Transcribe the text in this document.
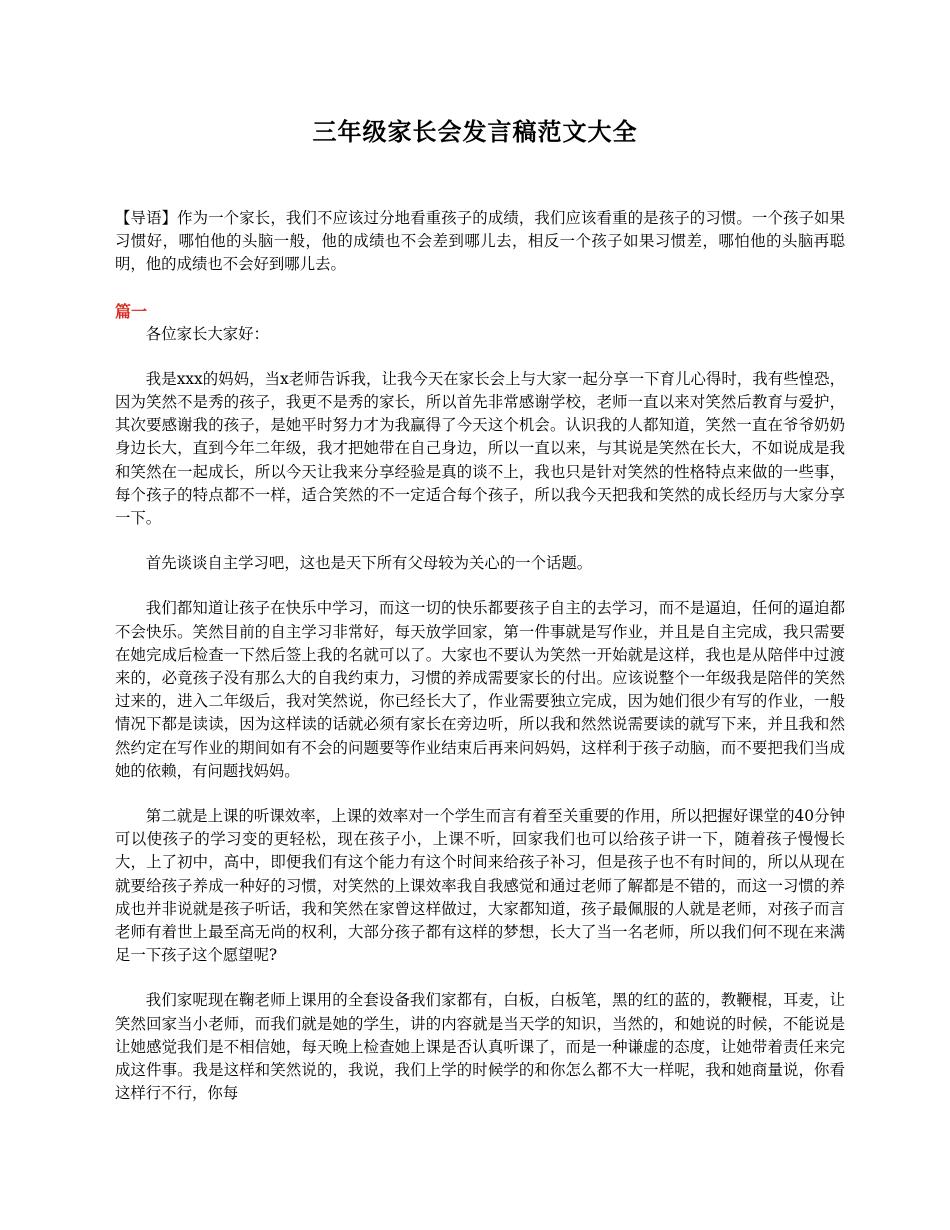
三年级家长会发言稿范文大全

【导语】作为一个家长，我们不应该过分地看重孩子的成绩，我们应该看重的是孩子的习惯。一个孩子如果习惯好，哪怕他的头脑一般，他的成绩也不会差到哪儿去，相反一个孩子如果习惯差，哪怕他的头脑再聪明，他的成绩也不会好到哪儿去。

篇一

各位家长大家好：

我是xxx的妈妈，当x老师告诉我，让我今天在家长会上与大家一起分享一下育儿心得时，我有些惶恐，因为笑然不是秀的孩子，我更不是秀的家长，所以首先非常感谢学校，老师一直以来对笑然后教育与爱护，其次要感谢我的孩子，是她平时努力才为我赢得了今天这个机会。认识我的人都知道，笑然一直在爷爷奶奶身边长大，直到今年二年级，我才把她带在自己身边，所以一直以来，与其说是笑然在长大，不如说成是我和笑然在一起成长，所以今天让我来分享经验是真的谈不上，我也只是针对笑然的性格特点来做的一些事，每个孩子的特点都不一样，适合笑然的不一定适合每个孩子，所以我今天把我和笑然的成长经历与大家分享一下。

首先谈谈自主学习吧，这也是天下所有父母较为关心的一个话题。

我们都知道让孩子在快乐中学习，而这一切的快乐都要孩子自主的去学习，而不是逼迫，任何的逼迫都不会快乐。笑然目前的自主学习非常好，每天放学回家，第一件事就是写作业，并且是自主完成，我只需要在她完成后检查一下然后签上我的名就可以了。大家也不要认为笑然一开始就是这样，我也是从陪伴中过渡来的，必竟孩子没有那么大的自我约束力，习惯的养成需要家长的付出。应该说整个一年级我是陪伴的笑然过来的，进入二年级后，我对笑然说，你已经长大了，作业需要独立完成，因为她们很少有写的作业，一般情况下都是读读，因为这样读的话就必须有家长在旁边听，所以我和然然说需要读的就写下来，并且我和然然约定在写作业的期间如有不会的问题要等作业结束后再来问妈妈，这样利于孩子动脑，而不要把我们当成她的依赖，有问题找妈妈。

第二就是上课的听课效率，上课的效率对一个学生而言有着至关重要的作用，所以把握好课堂的40分钟可以使孩子的学习变的更轻松，现在孩子小，上课不听，回家我们也可以给孩子讲一下，随着孩子慢慢长大，上了初中，高中，即便我们有这个能力有这个时间来给孩子补习，但是孩子也不有时间的，所以从现在就要给孩子养成一种好的习惯，对笑然的上课效率我自我感觉和通过老师了解都是不错的，而这一习惯的养成也并非说就是孩子听话，我和笑然在家曾这样做过，大家都知道，孩子最佩服的人就是老师，对孩子而言老师有着世上最至高无尚的权利，大部分孩子都有这样的梦想，长大了当一名老师，所以我们何不现在来满足一下孩子这个愿望呢?

我们家呢现在鞠老师上课用的全套设备我们家都有，白板，白板笔，黑的红的蓝的，教鞭棍，耳麦，让笑然回家当小老师，而我们就是她的学生，讲的内容就是当天学的知识，当然的，和她说的时候，不能说是让她感觉我们是不相信她，每天晚上检查她上课是否认真听课了，而是一种谦虚的态度，让她带着责任来完成这件事。我是这样和笑然说的，我说，我们上学的时候学的和你怎么都不大一样呢，我和她商量说，你看这样行不行，你每
